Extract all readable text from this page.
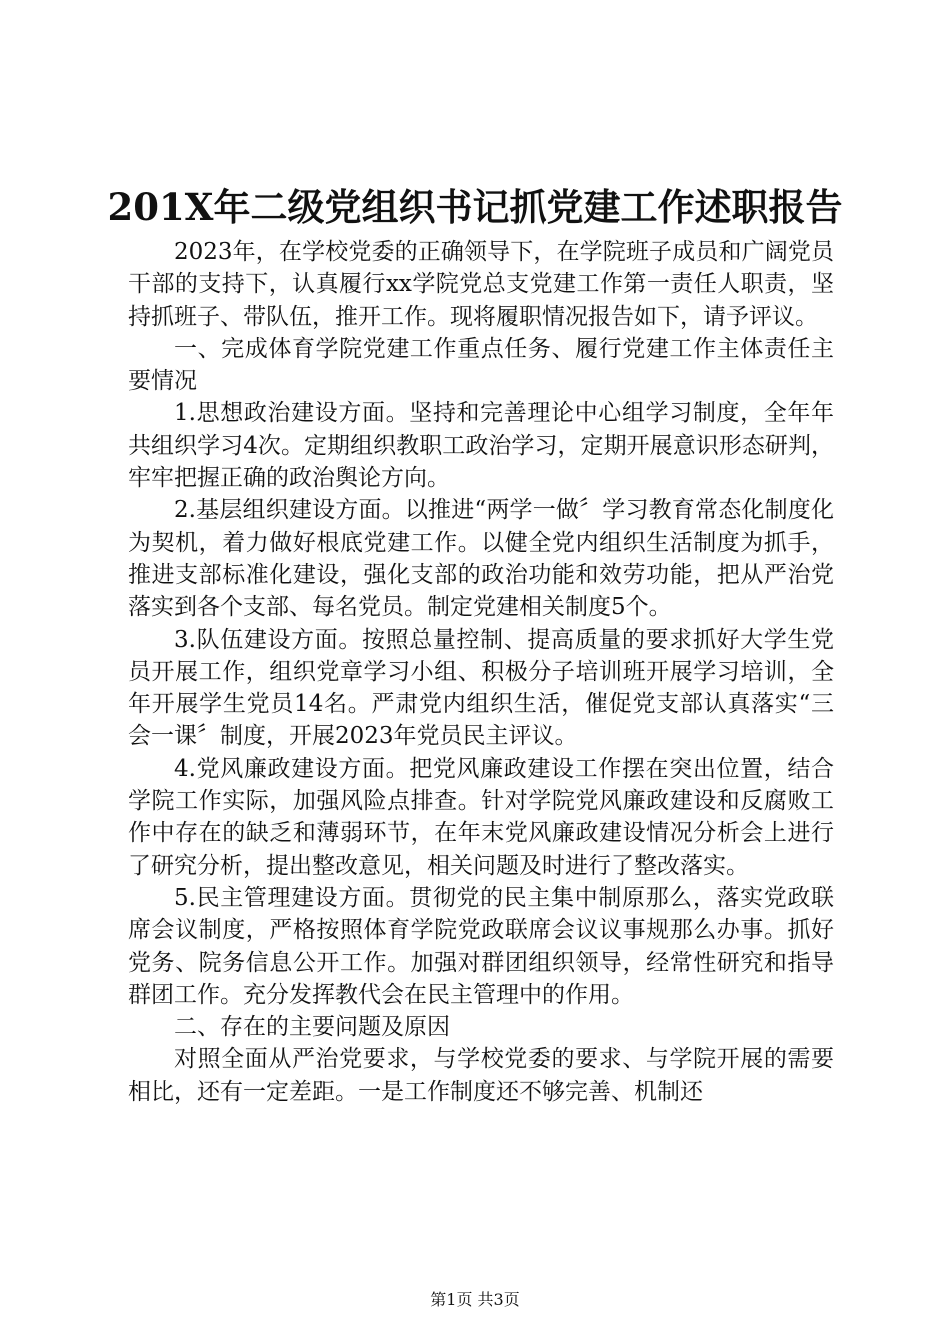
201X年二级党组织书记抓党建工作述职报告

2023年，在学校党委的正确领导下，在学院班子成员和广阔党员干部的支持下，认真履行xx学院党总支党建工作第一责任人职责，坚持抓班子、带队伍，推开工作。现将履职情况报告如下，请予评议。

一、完成体育学院党建工作重点任务、履行党建工作主体责任主要情况

1.思想政治建设方面。坚持和完善理论中心组学习制度，全年年共组织学习4次。定期组织教职工政治学习，定期开展意识形态研判，牢牢把握正确的政治舆论方向。

2.基层组织建设方面。以推进“两学一做〞学习教育常态化制度化为契机，着力做好根底党建工作。以健全党内组织生活制度为抓手，推进支部标准化建设，强化支部的政治功能和效劳功能，把从严治党落实到各个支部、每名党员。制定党建相关制度5个。

3.队伍建设方面。按照总量控制、提高质量的要求抓好大学生党员开展工作，组织党章学习小组、积极分子培训班开展学习培训，全年开展学生党员14名。严肃党内组织生活，催促党支部认真落实“三会一课〞制度，开展2023年党员民主评议。

4.党风廉政建设方面。把党风廉政建设工作摆在突出位置，结合学院工作实际，加强风险点排查。针对学院党风廉政建设和反腐败工作中存在的缺乏和薄弱环节，在年末党风廉政建设情况分析会上进行了研究分析，提出整改意见，相关问题及时进行了整改落实。

5.民主管理建设方面。贯彻党的民主集中制原那么，落实党政联席会议制度，严格按照体育学院党政联席会议议事规那么办事。抓好党务、院务信息公开工作。加强对群团组织领导，经常性研究和指导群团工作。充分发挥教代会在民主管理中的作用。

二、存在的主要问题及原因

对照全面从严治党要求，与学校党委的要求、与学院开展的需要相比，还有一定差距。一是工作制度还不够完善、机制还

第1页 共3页
